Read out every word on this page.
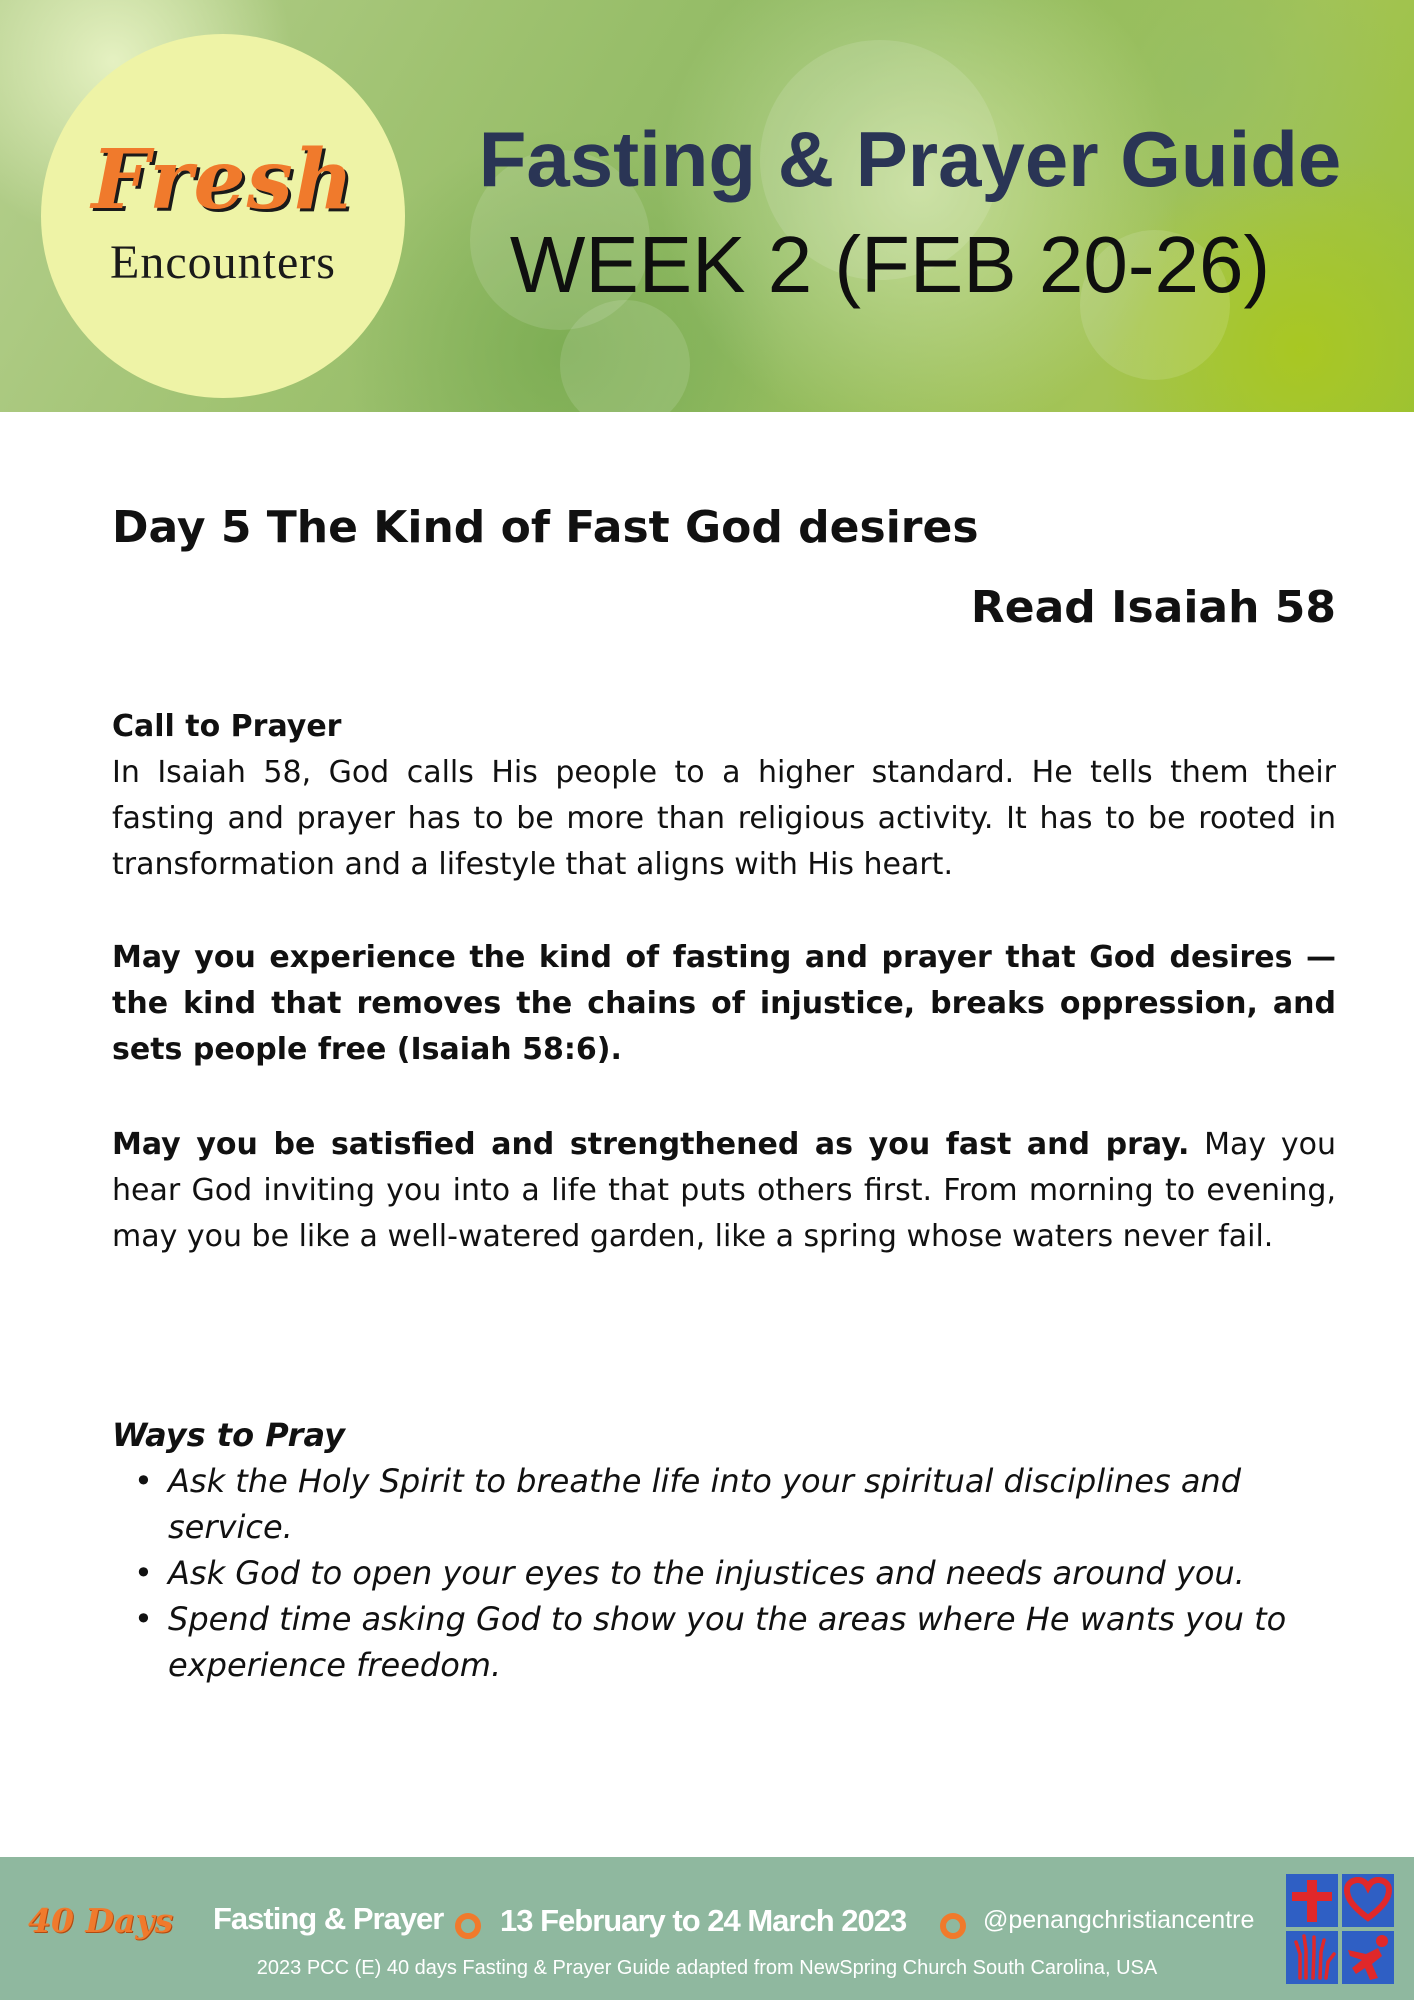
Fresh
Encounters
Fasting & Prayer Guide
WEEK 2 (FEB 20-26)
Day 5 The Kind of Fast God desires
Read Isaiah 58
Call to Prayer
In Isaiah 58, God calls His people to a higher standard. He tells them their fasting and prayer has to be more than religious activity. It has to be rooted in transformation and a lifestyle that aligns with His heart.
May you experience the kind of fasting and prayer that God desires — the kind that removes the chains of injustice, breaks oppression, and sets people free (Isaiah 58:6).
May you be satisfied and strengthened as you fast and pray. May you hear God inviting you into a life that puts others first. From morning to evening, may you be like a well-watered garden, like a spring whose waters never fail.
Ways to Pray
• Ask the Holy Spirit to breathe life into your spiritual disciplines and service.
• Ask God to open your eyes to the injustices and needs around you.
• Spend time asking God to show you the areas where He wants you to experience freedom.
40 Days Fasting & Prayer 13 February to 24 March 2023	@penangchristiancentre
2023 PCC (E) 40 days Fasting & Prayer Guide adapted from NewSpring Church South Carolina, USA
